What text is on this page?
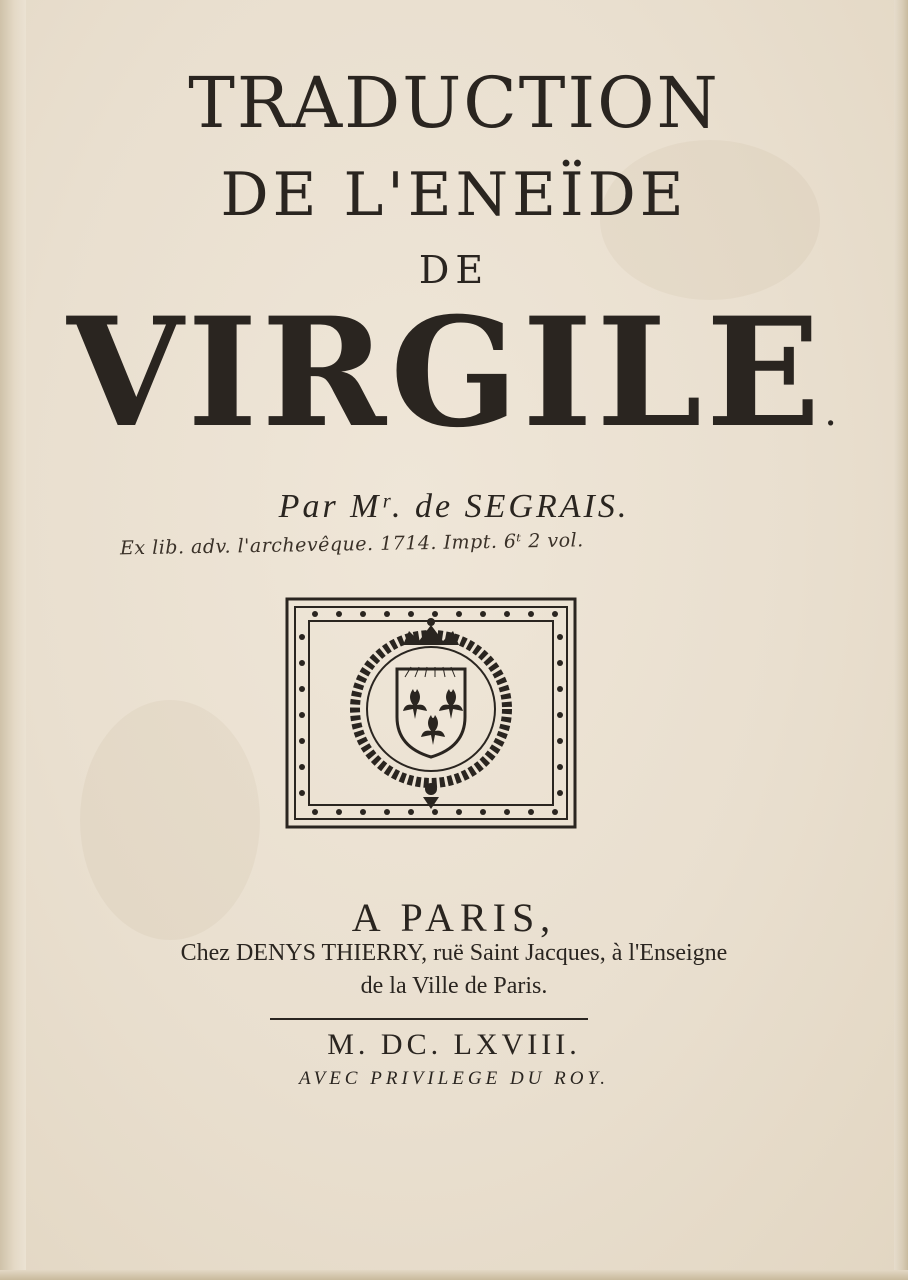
TRADUCTION
DE L'ENEÏDE
DE
VIRGILE.
Par Mʳ. de SEGRAIS.
Ex lib. adv. l'archevêque. 1714. Impt. 6ᵗ 2 vol.
A PARIS,
Chez DENYS THIERRY, ruë Saint Jacques, à l'Enseigne
de la Ville de Paris.
M. DC. LXVIII.
AVEC PRIVILEGE DU ROY.
